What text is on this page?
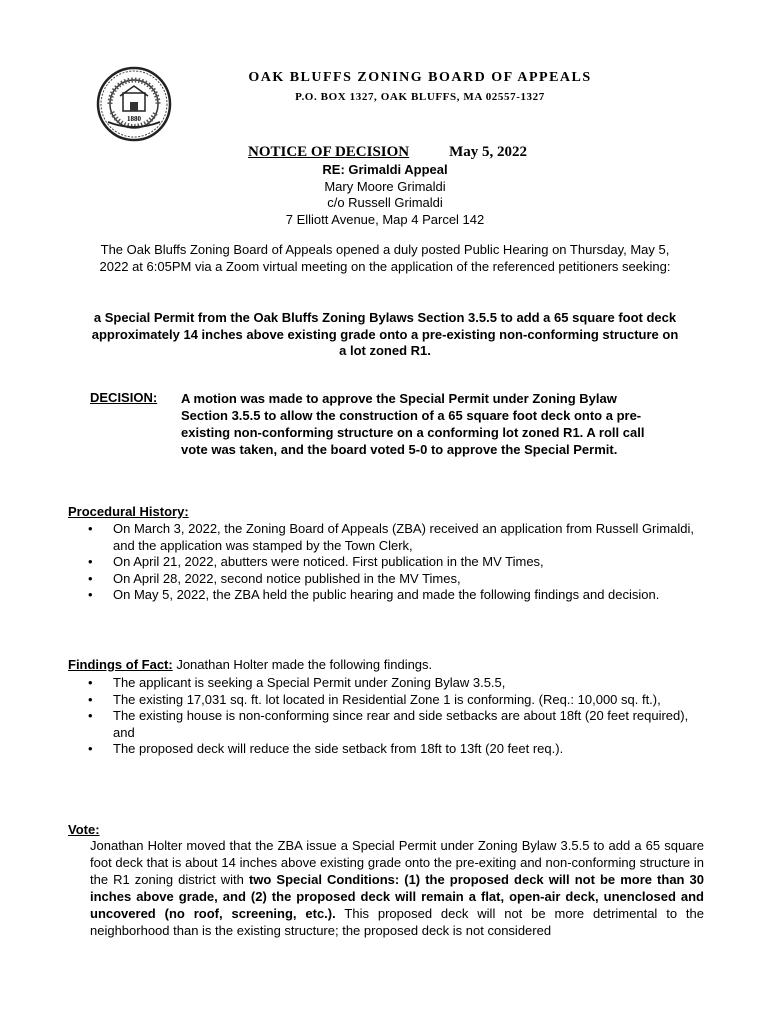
1880
OAK BLUFFS ZONING BOARD OF APPEALS
P.O. BOX 1327, OAK BLUFFS, MA 02557-1327
NOTICE OF DECISION	May 5, 2022
RE: Grimaldi Appeal
Mary Moore Grimaldi
c/o Russell Grimaldi
7 Elliott Avenue, Map 4 Parcel 142
The Oak Bluffs Zoning Board of Appeals opened a duly posted Public Hearing on Thursday, May 5, 2022 at 6:05PM via a Zoom virtual meeting on the application of the referenced petitioners seeking:
a Special Permit from the Oak Bluffs Zoning Bylaws Section 3.5.5 to add a 65 square foot deck approximately 14 inches above existing grade onto a pre-existing non-conforming structure on a lot zoned R1.
DECISION: A motion was made to approve the Special Permit under Zoning Bylaw Section 3.5.5 to allow the construction of a 65 square foot deck onto a pre-existing non-conforming structure on a conforming lot zoned R1. A roll call vote was taken, and the board voted 5-0 to approve the Special Permit.
Procedural History:
• On March 3, 2022, the Zoning Board of Appeals (ZBA) received an application from Russell Grimaldi, and the application was stamped by the Town Clerk,
• On April 21, 2022, abutters were noticed. First publication in the MV Times,
• On April 28, 2022, second notice published in the MV Times,
• On May 5, 2022, the ZBA held the public hearing and made the following findings and decision.
Findings of Fact: Jonathan Holter made the following findings.
• The applicant is seeking a Special Permit under Zoning Bylaw 3.5.5,
• The existing 17,031 sq. ft. lot located in Residential Zone 1 is conforming. (Req.: 10,000 sq. ft.),
• The existing house is non-conforming since rear and side setbacks are about 18ft (20 feet required), and
• The proposed deck will reduce the side setback from 18ft to 13ft (20 feet req.).
Vote:
Jonathan Holter moved that the ZBA issue a Special Permit under Zoning Bylaw 3.5.5 to add a 65 square foot deck that is about 14 inches above existing grade onto the pre-exiting and non-conforming structure in the R1 zoning district with two Special Conditions: (1) the proposed deck will not be more than 30 inches above grade, and (2) the proposed deck will remain a flat, open-air deck, unenclosed and uncovered (no roof, screening, etc.). This proposed deck will not be more detrimental to the neighborhood than is the existing structure; the proposed deck is not considered
